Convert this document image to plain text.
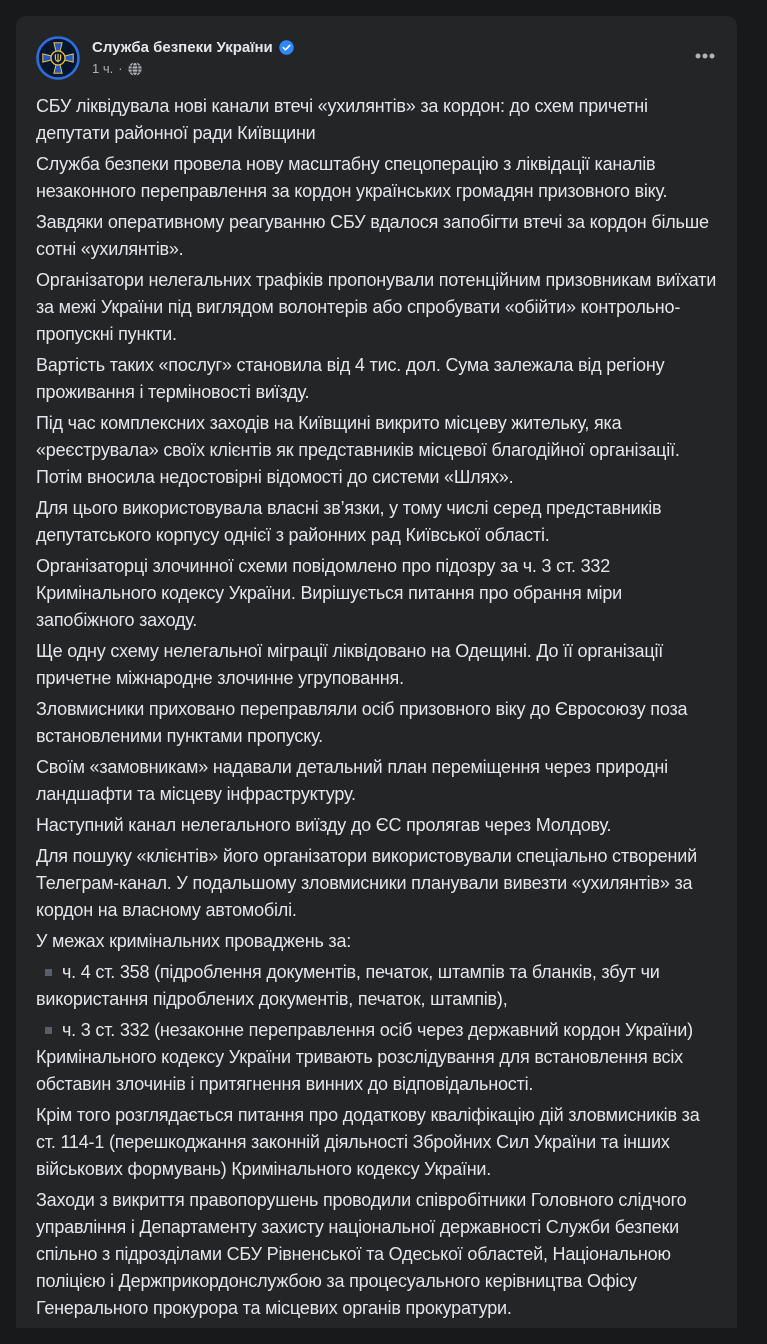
Служба безпеки України
1 ч. ·
СБУ ліквідувала нові канали втечі «ухилянтів» за кордон: до схем причетні депутати районної ради Київщини
Служба безпеки провела нову масштабну спецоперацію з ліквідації каналів незаконного переправлення за кордон українських громадян призовного віку.
Завдяки оперативному реагуванню СБУ вдалося запобігти втечі за кордон більше сотні «ухилянтів».
Організатори нелегальних трафіків пропонували потенційним призовникам виїхати за межі України під виглядом волонтерів або спробувати «обійти» контрольно-пропускні пункти.
Вартість таких «послуг» становила від 4 тис. дол. Сума залежала від регіону проживання і терміновості виїзду.
Під час комплексних заходів на Київщині викрито місцеву жительку, яка «реєструвала» своїх клієнтів як представників місцевої благодійної організації. Потім вносила недостовірні відомості до системи «Шлях».
Для цього використовувала власні зв’язки, у тому числі серед представників депутатського корпусу однієї з районних рад Київської області.
Організаторці злочинної схеми повідомлено про підозру за ч. 3 ст. 332 Кримінального кодексу України. Вирішується питання про обрання міри запобіжного заходу.
Ще одну схему нелегальної міграції ліквідовано на Одещині. До її організації причетне міжнародне злочинне угруповання.
Зловмисники приховано переправляли осіб призовного віку до Євросоюзу поза встановленими пунктами пропуску.
Своїм «замовникам» надавали детальний план переміщення через природні ландшафти та місцеву інфраструктуру.
Наступний канал нелегального виїзду до ЄС пролягав через Молдову.
Для пошуку «клієнтів» його організатори використовували спеціально створений Телеграм-канал. У подальшому зловмисники планували вивезти «ухилянтів» за кордон на власному автомобілі.
У межах кримінальних проваджень за:
ч. 4 ст. 358 (підроблення документів, печаток, штампів та бланків, збут чи використання підроблених документів, печаток, штампів),
ч. 3 ст. 332 (незаконне переправлення осіб через державний кордон України) Кримінального кодексу України тривають розслідування для встановлення всіх обставин злочинів і притягнення винних до відповідальності.
Крім того розглядається питання про додаткову кваліфікацію дій зловмисників за ст. 114-1 (перешкоджання законній діяльності Збройних Сил України та інших військових формувань) Кримінального кодексу України.
Заходи з викриття правопорушень проводили співробітники Головного слідчого управління і Департаменту захисту національної державності Служби безпеки спільно з підрозділами СБУ Рівненської та Одеської областей, Національною поліцією і Держприкордонслужбою за процесуального керівництва Офісу Генерального прокурора та місцевих органів прокуратури.
